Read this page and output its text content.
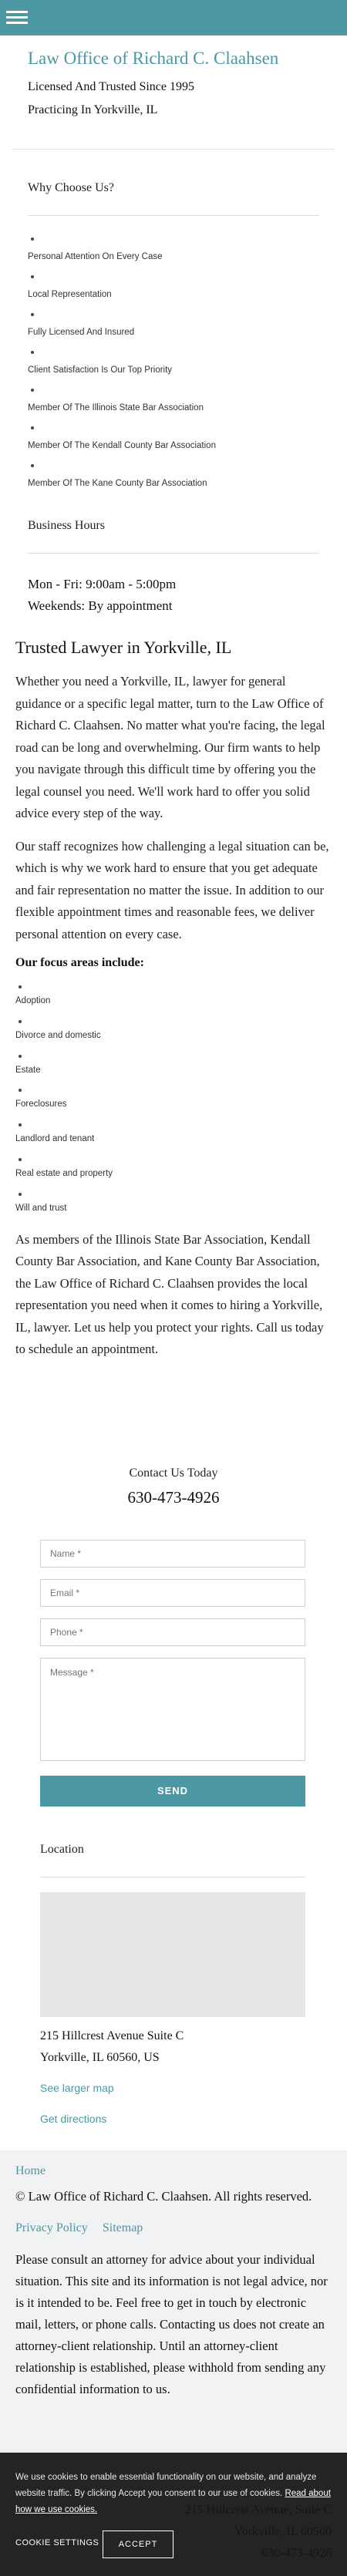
Law Office of Richard C. Claahsen
Licensed And Trusted Since 1995
Practicing In Yorkville, IL
Why Choose Us?
Personal Attention On Every Case
Local Representation
Fully Licensed And Insured
Client Satisfaction Is Our Top Priority
Member Of The Illinois State Bar Association
Member Of The Kendall County Bar Association
Member Of The Kane County Bar Association
Business Hours
Mon - Fri: 9:00am - 5:00pm
Weekends: By appointment
Trusted Lawyer in Yorkville, IL

Whether you need a Yorkville, IL, lawyer for general guidance or a specific legal matter, turn to the Law Office of Richard C. Claahsen. No matter what you're facing, the legal road can be long and overwhelming. Our firm wants to help you navigate through this difficult time by offering you the legal counsel you need. We'll work hard to offer you solid advice every step of the way.

Our staff recognizes how challenging a legal situation can be, which is why we work hard to ensure that you get adequate and fair representation no matter the issue. In addition to our flexible appointment times and reasonable fees, we deliver personal attention on every case.

Our focus areas include:
Adoption
Divorce and domestic
Estate
Foreclosures
Landlord and tenant
Real estate and property
Will and trust

As members of the Illinois State Bar Association, Kendall County Bar Association, and Kane County Bar Association, the Law Office of Richard C. Claahsen provides the local representation you need when it comes to hiring a Yorkville, IL, lawyer. Let us help you protect your rights. Call us today to schedule an appointment.

Contact Us Today
630-473-4926
Name *
Email *
Phone *
Message *
SEND
Location
215 Hillcrest Avenue Suite C
Yorkville, IL 60560, US
See larger map
Get directions
Home
© Law Office of Richard C. Claahsen. All rights reserved.
Privacy Policy Sitemap
Please consult an attorney for advice about your individual situation. This site and its information is not legal advice, nor is it intended to be. Feel free to get in touch by electronic mail, letters, or phone calls. Contacting us does not create an attorney-client relationship. Until an attorney-client relationship is established, please withhold from sending any confidential information to us.
We use cookies to enable essential functionality on our website, and analyze website traffic. By clicking Accept you consent to our use of cookies. Read about how we use cookies.
COOKIE SETTINGS	ACCEPT
